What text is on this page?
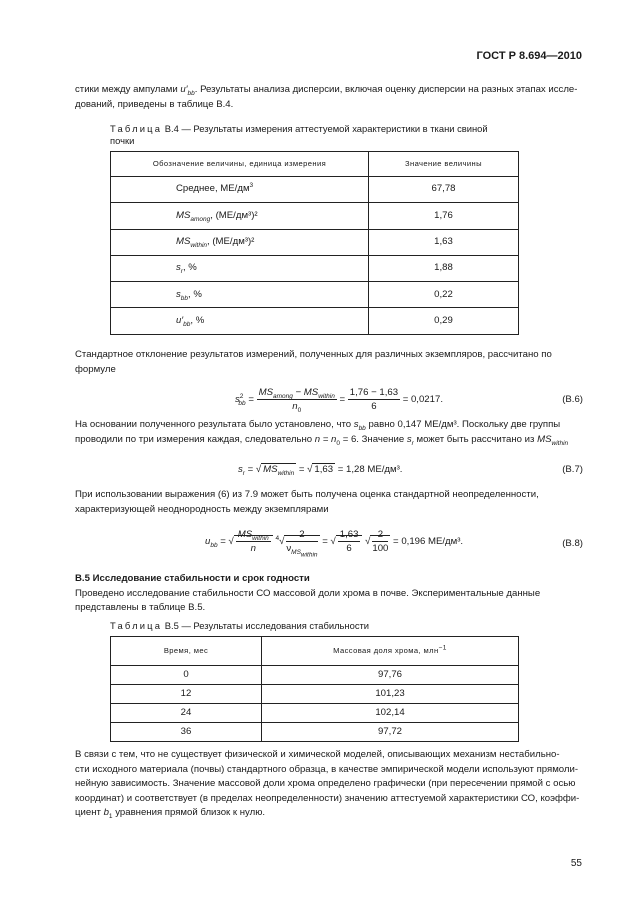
ГОСТ Р 8.694—2010
стики между ампулами $u'_{bb}$. Результаты анализа дисперсии, включая оценку дисперсии на разных этапах иссле-
дований, приведены в таблице В.4.
Таблица В.4 — Результаты измерения аттестуемой характеристики в ткани свиной
почки
Обозначение величины, единица измерения	Значение величины
Среднее, $МЕ/дм^3$	67,78
$MS_{among}$, (МЕ/дм³)²	1,76
$MS_{within}$, (МЕ/дм³)²	1,63
$s_r$, %	1,88
$s_{bb}$, %	0,22
$u'_{bb}$, %	0,29
Стандартное отклонение результатов измерений, полученных для различных экземпляров, рассчитано по
формуле
$s^2_{bb} = \frac{MS_{among} - MS_{within}}{n_0} = \frac{1,76 - 1,63}{6} = 0,0217$.	(В.6)
На основании полученного результата было установлено, что $s_{bb}$ равно 0,147 МЕ/дм³. Поскольку две группы
проводили по три измерения каждая, следовательно $n = n_0 = 6$. Значение $s_r$ может быть рассчитано из $MS_{within}$
$s_r$ = √ $MS_{within}$ = √ 1,63 = 1,28 МЕ/дм³.	(В.7)
При использовании выражения (6) из 7.9 может быть получена оценка стандартной неопределенности,
характеризующей неоднородность между экземплярами
$u_{bb}$ = √ $\frac{MS_{within}}{n} ^4√ \frac{2}{\nu_{MS_{within}}}$ = √ $\frac{1,63}{6}$ √ $\frac{2}{100} = 0,196$ МЕ/дм³.	(В.8)
В.5 Исследование стабильности и срок годности
Проведено исследование стабильности СО массовой доли хрома в почве. Экспериментальные данные
представлены в таблице В.5.
Таблица В.5 — Результаты исследования стабильности
Время, мес	Массовая доля хрома, млн$^{-1}$
0	97,76
12	101,23
24	102,14
36	97,72
В связи с тем, что не существует физической и химической моделей, описывающих механизм нестабильно-
сти исходного материала (почвы) стандартного образца, в качестве эмпирической модели используют прямоли-
нейную зависимость. Значение массовой доли хрома определено графически (при пересечении прямой с осью
координат) и соответствует (в пределах неопределенности) значению аттестуемой характеристики СО, коэффи-
циент $b_1$ уравнения прямой близок к нулю.
55
